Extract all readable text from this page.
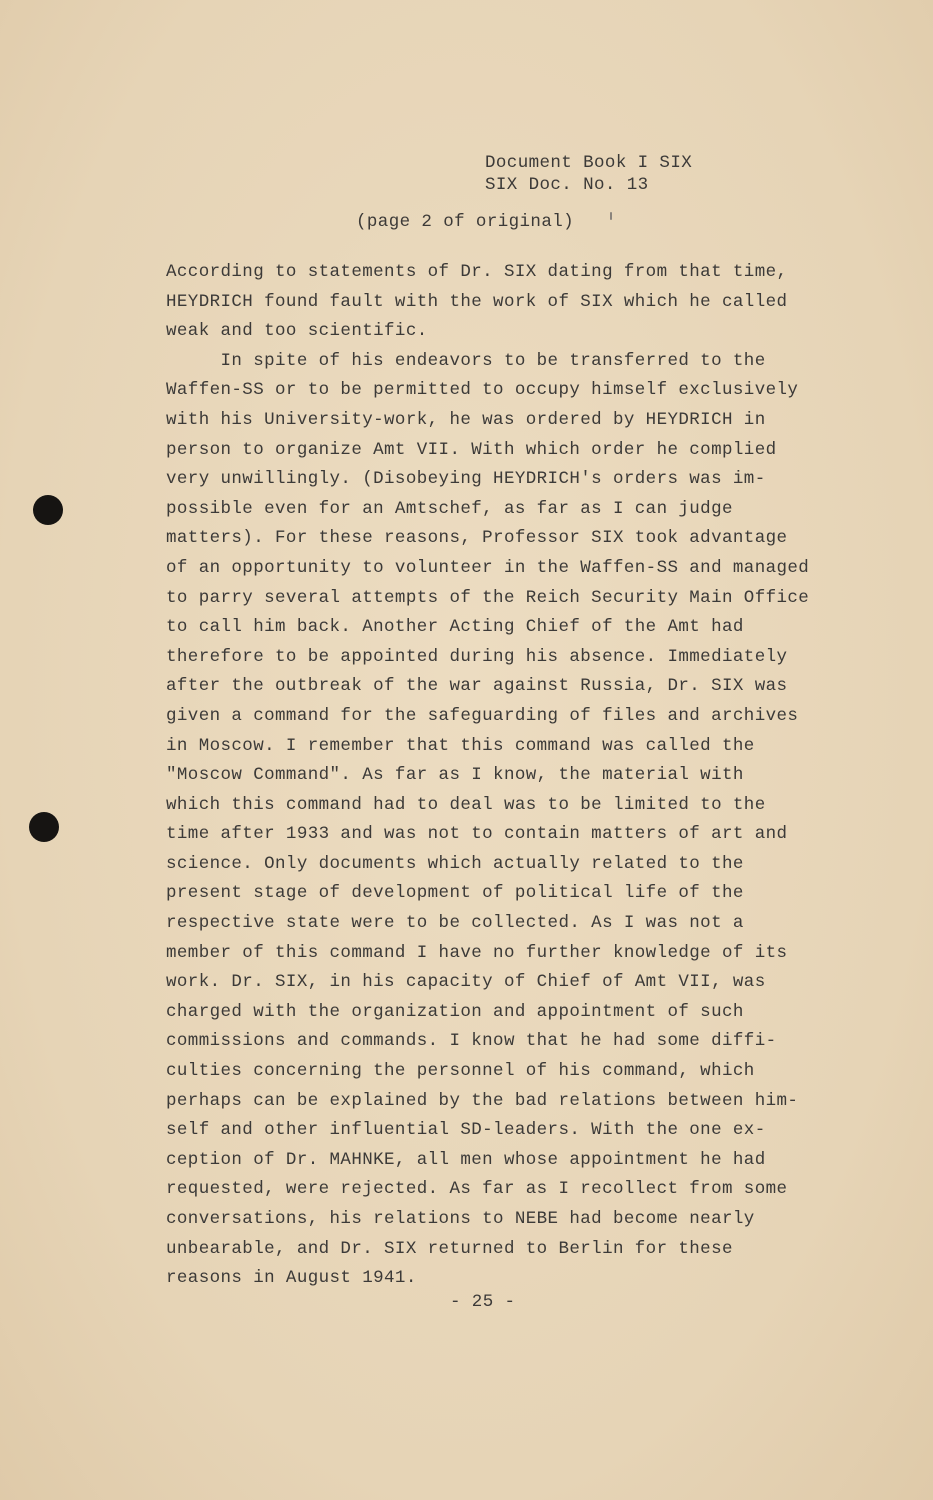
Document Book I SIX
SIX Doc. No. 13
(page 2 of original)
According to statements of Dr. SIX dating from that time,
HEYDRICH found fault with the work of SIX which he called
weak and too scientific.
In spite of his endeavors to be transferred to the
Waffen-SS or to be permitted to occupy himself exclusively
with his University-work, he was ordered by HEYDRICH in
person to organize Amt VII. With which order he complied
very unwillingly. (Disobeying HEYDRICH's orders was im-
possible even for an Amtschef, as far as I can judge
matters). For these reasons, Professor SIX took advantage
of an opportunity to volunteer in the Waffen-SS and managed
to parry several attempts of the Reich Security Main Office
to call him back. Another Acting Chief of the Amt had
therefore to be appointed during his absence. Immediately
after the outbreak of the war against Russia, Dr. SIX was
given a command for the safeguarding of files and archives
in Moscow. I remember that this command was called the
"Moscow Command". As far as I know, the material with
which this command had to deal was to be limited to the
time after 1933 and was not to contain matters of art and
science. Only documents which actually related to the
present stage of development of political life of the
respective state were to be collected. As I was not a
member of this command I have no further knowledge of its
work. Dr. SIX, in his capacity of Chief of Amt VII, was
charged with the organization and appointment of such
commissions and commands. I know that he had some diffi-
culties concerning the personnel of his command, which
perhaps can be explained by the bad relations between him-
self and other influential SD-leaders. With the one ex-
ception of Dr. MAHNKE, all men whose appointment he had
requested, were rejected. As far as I recollect from some
conversations, his relations to NEBE had become nearly
unbearable, and Dr. SIX returned to Berlin for these
reasons in August 1941.
- 25 -
